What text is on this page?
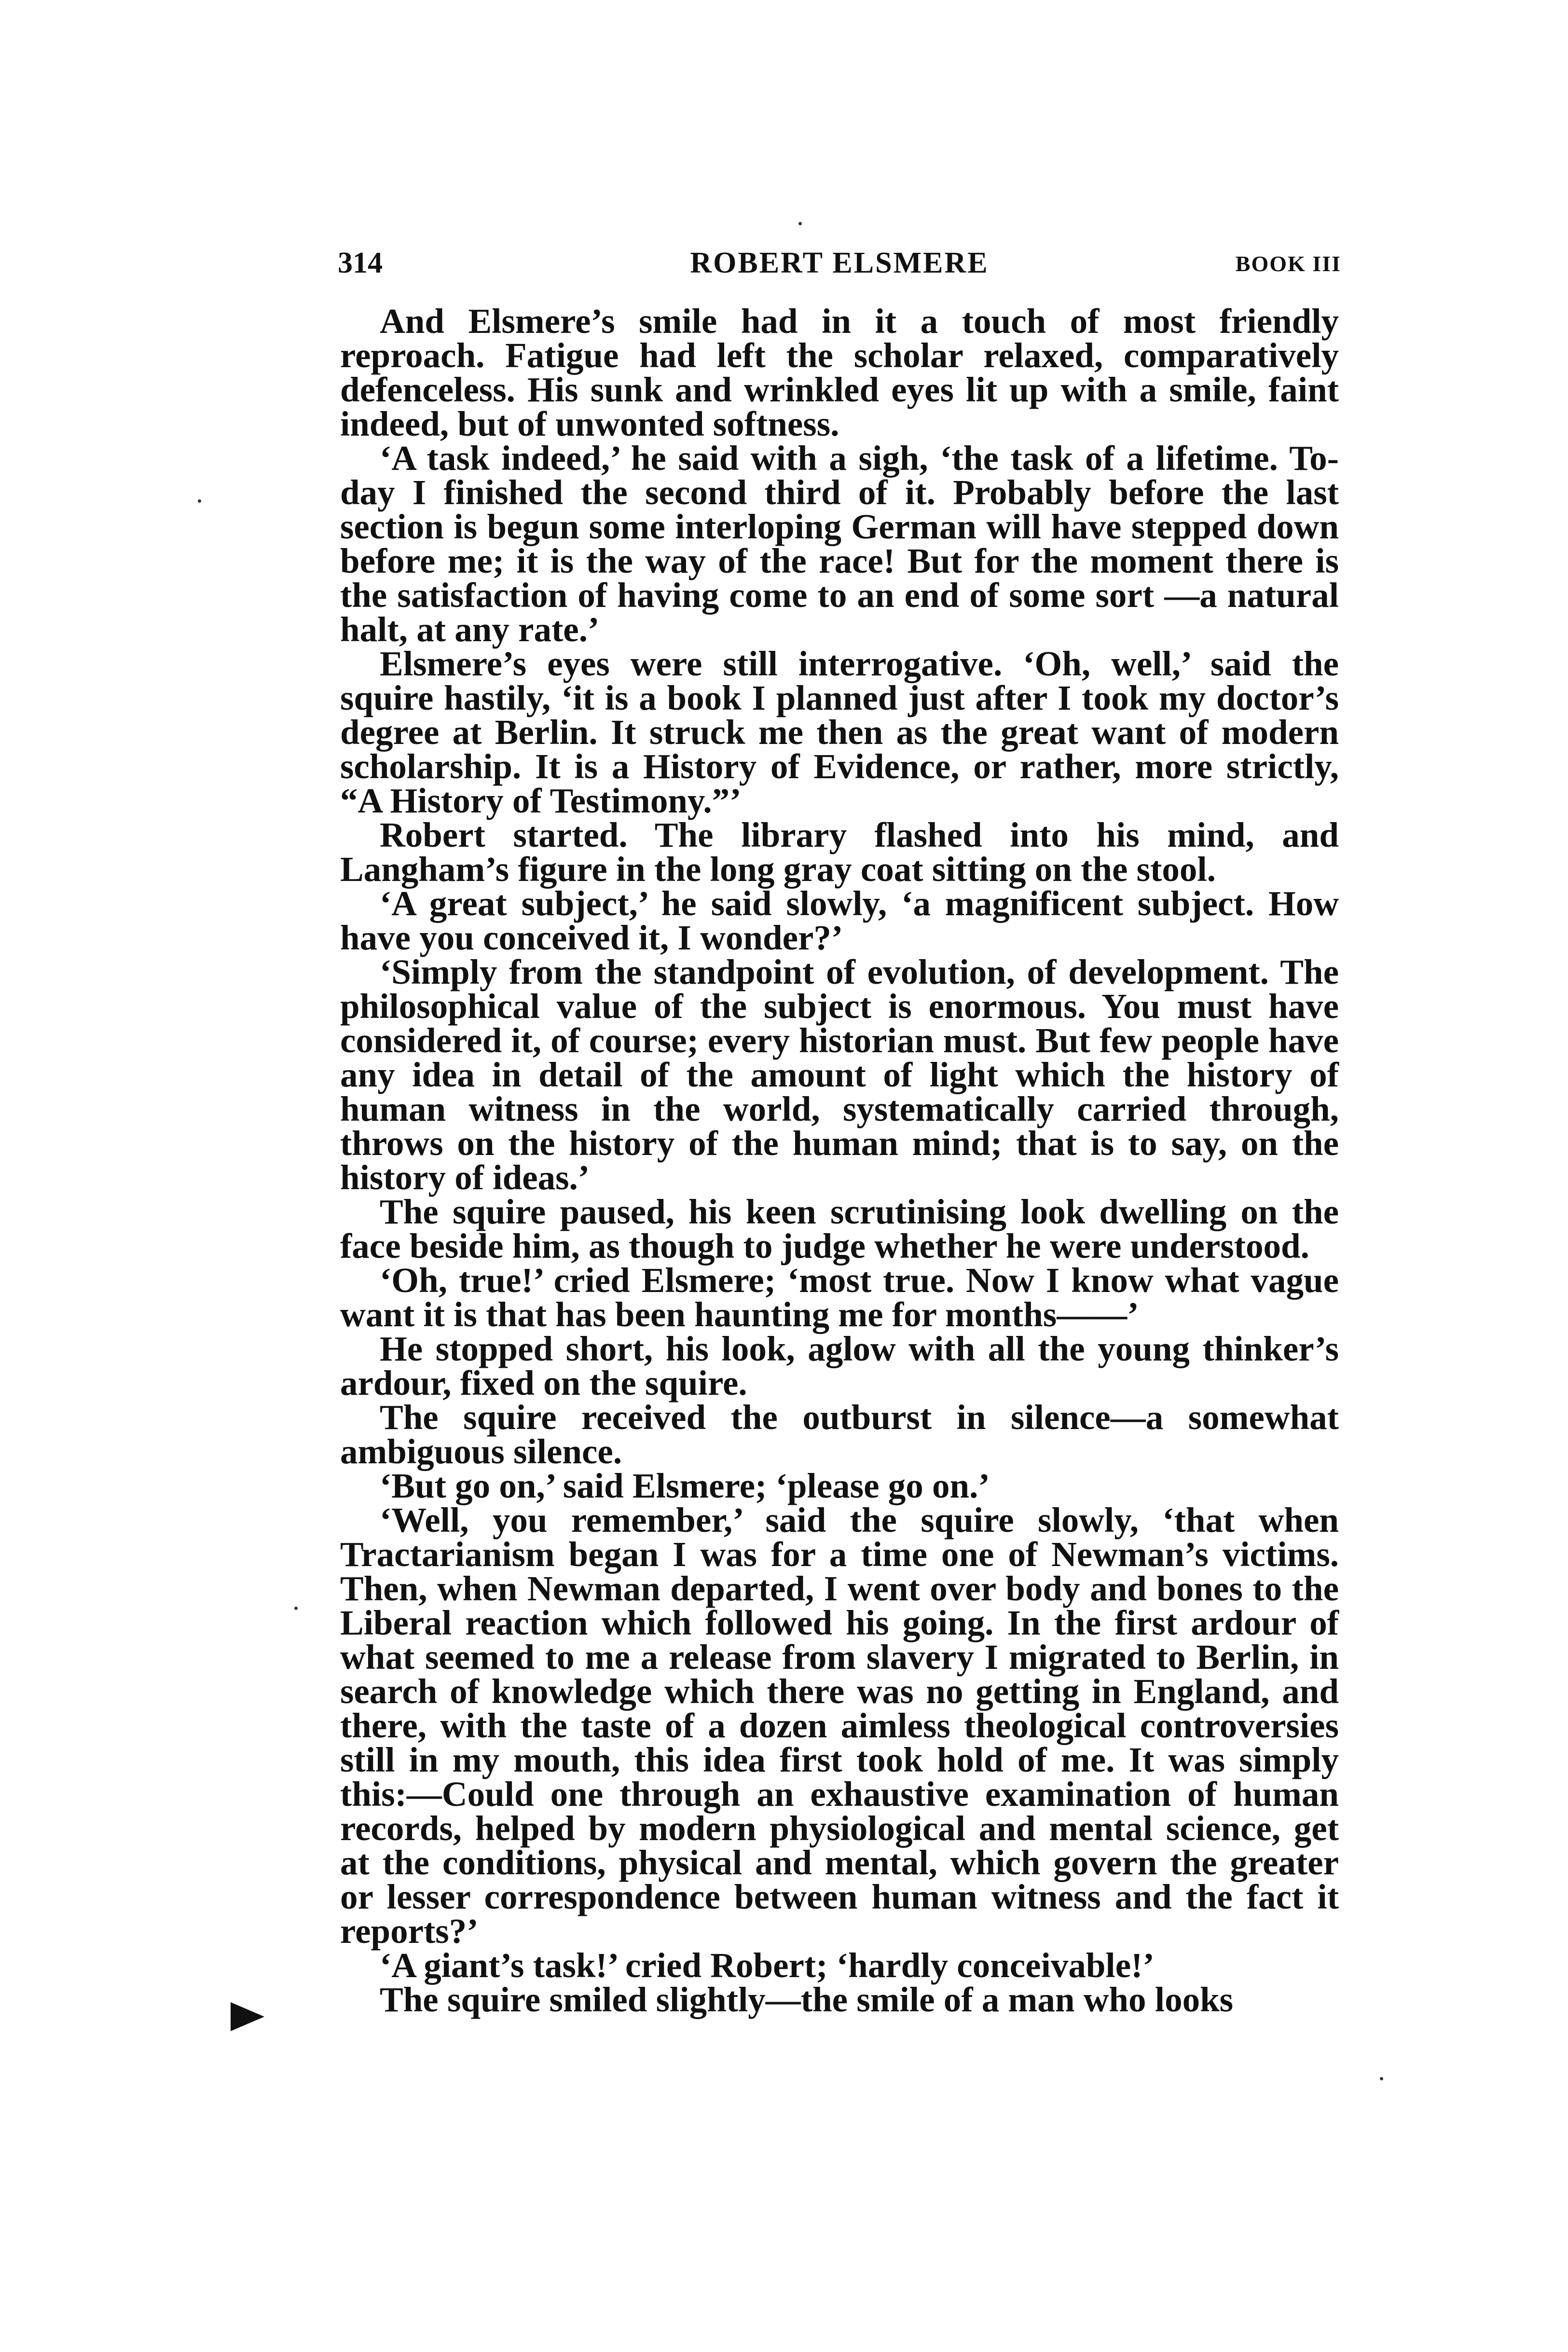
314	ROBERT ELSMERE	BOOK III

And Elsmere’s smile had in it a touch of most friendly reproach. Fatigue had left the scholar relaxed, comparatively defenceless. His sunk and wrinkled eyes lit up with a smile, faint indeed, but of unwonted softness.

‘A task indeed,’ he said with a sigh, ‘the task of a lifetime. To-day I finished the second third of it. Probably before the last section is begun some interloping German will have stepped down before me; it is the way of the race! But for the moment there is the satisfaction of having come to an end of some sort —a natural halt, at any rate.’

Elsmere’s eyes were still interrogative. ‘Oh, well,’ said the squire hastily, ‘it is a book I planned just after I took my doctor’s degree at Berlin. It struck me then as the great want of modern scholarship. It is a History of Evidence, or rather, more strictly, “A History of Testimony.”’

Robert started. The library flashed into his mind, and Langham’s figure in the long gray coat sitting on the stool.

‘A great subject,’ he said slowly, ‘a magnificent subject. How have you conceived it, I wonder?’

‘Simply from the standpoint of evolution, of development. The philosophical value of the subject is enormous. You must have considered it, of course; every historian must. But few people have any idea in detail of the amount of light which the history of human witness in the world, systematically carried through, throws on the history of the human mind; that is to say, on the history of ideas.’

The squire paused, his keen scrutinising look dwelling on the face beside him, as though to judge whether he were understood.

‘Oh, true!’ cried Elsmere; ‘most true. Now I know what vague want it is that has been haunting me for months——’

He stopped short, his look, aglow with all the young thinker’s ardour, fixed on the squire.

The squire received the outburst in silence—a somewhat ambiguous silence.

‘But go on,’ said Elsmere; ‘please go on.’

‘Well, you remember,’ said the squire slowly, ‘that when Tractarianism began I was for a time one of Newman’s victims. Then, when Newman departed, I went over body and bones to the Liberal reaction which followed his going. In the first ardour of what seemed to me a release from slavery I migrated to Berlin, in search of knowledge which there was no getting in England, and there, with the taste of a dozen aimless theological controversies still in my mouth, this idea first took hold of me. It was simply this:—Could one through an exhaustive examination of human records, helped by modern physiological and mental science, get at the conditions, physical and mental, which govern the greater or lesser correspondence between human witness and the fact it reports?’

‘A giant’s task!’ cried Robert; ‘hardly conceivable!’

The squire smiled slightly—the smile of a man who looks
